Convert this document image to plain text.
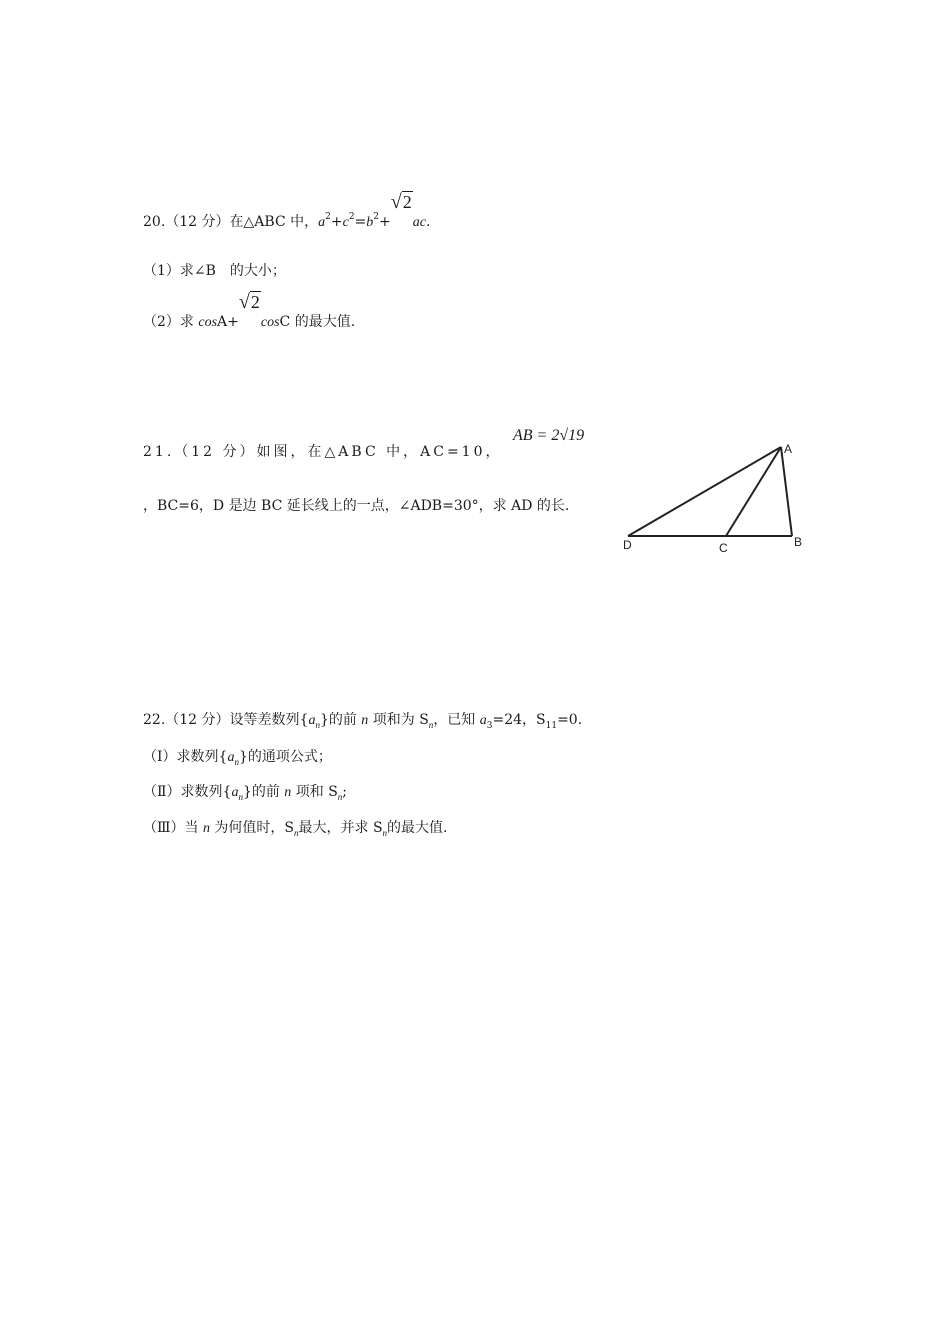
20.（12 分）在△ABC 中，$a^2+c^2=b^2+√2ac$.
（1）求∠B　的大小；
（2）求 cosA+√2cosC 的最大值.
21.（12 分）如图，在△ABC 中，AC=10，
AB = 2√19
，BC=6，D 是边 BC 延长线上的一点，∠ADB=30°，求 AD 的长.
A
B
C
D
22.（12 分）设等差数列$\{a_n\}$的前 n 项和为 $S_n$，已知 $a_3=24$，$S_{11}=0$.
（Ⅰ）求数列$\{a_n\}$的通项公式；
（Ⅱ）求数列$\{a_n\}$的前 n 项和 $S_n$;
（Ⅲ）当 n 为何值时，$S_n$最大，并求 $S_n$的最大值.
